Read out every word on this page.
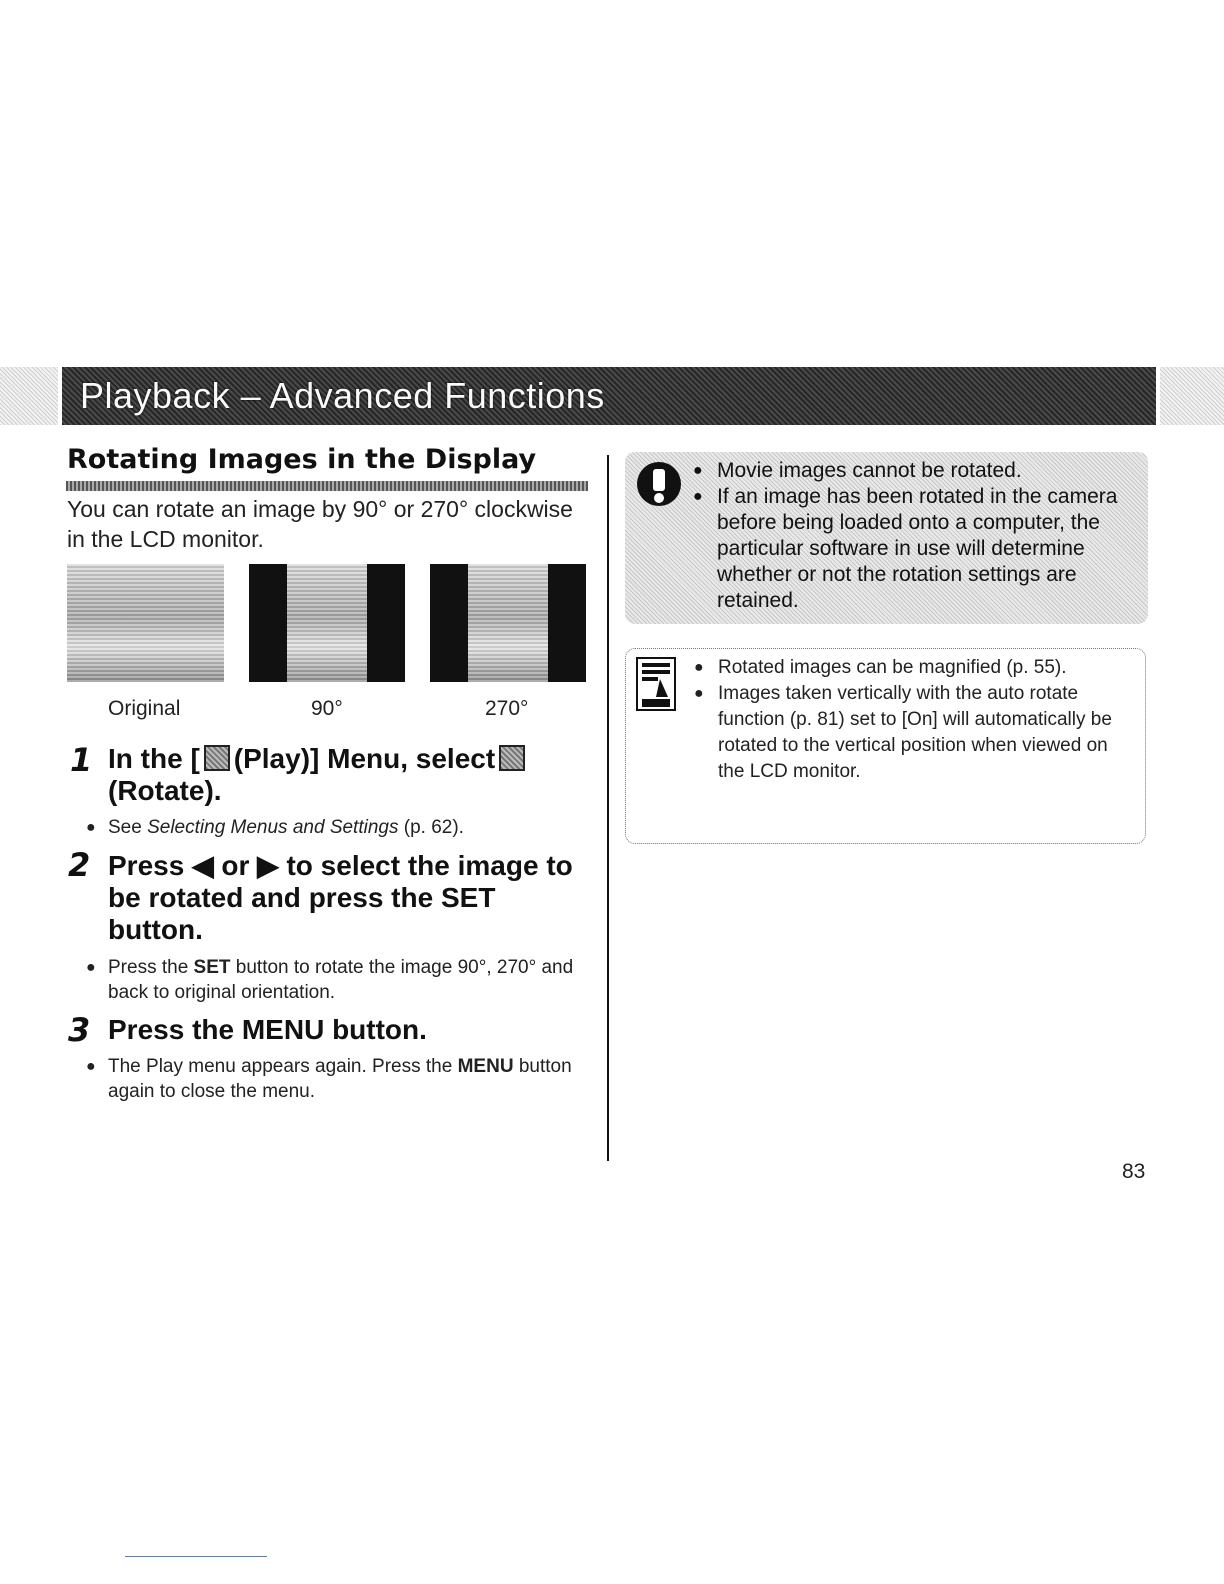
Playback – Advanced Functions
Rotating Images in the Display
You can rotate an image by 90° or 270° clockwise in the LCD monitor.
Original	90°	270°
1 In the [ (Play)] Menu, select
(Rotate).
● See Selecting Menus and Settings (p. 62).
2 Press ◀ or ▶ to select the image to be rotated and press the SET button.
● Press the SET button to rotate the image 90°, 270° and back to original orientation.
3 Press the MENU button.
● The Play menu appears again. Press the MENU button again to close the menu.
● Movie images cannot be rotated.
● If an image has been rotated in the camera before being loaded onto a computer, the particular software in use will determine whether or not the rotation settings are retained.
● Rotated images can be magnified (p. 55).
● Images taken vertically with the auto rotate function (p. 81) set to [On] will automatically be rotated to the vertical position when viewed on the LCD monitor.
83
